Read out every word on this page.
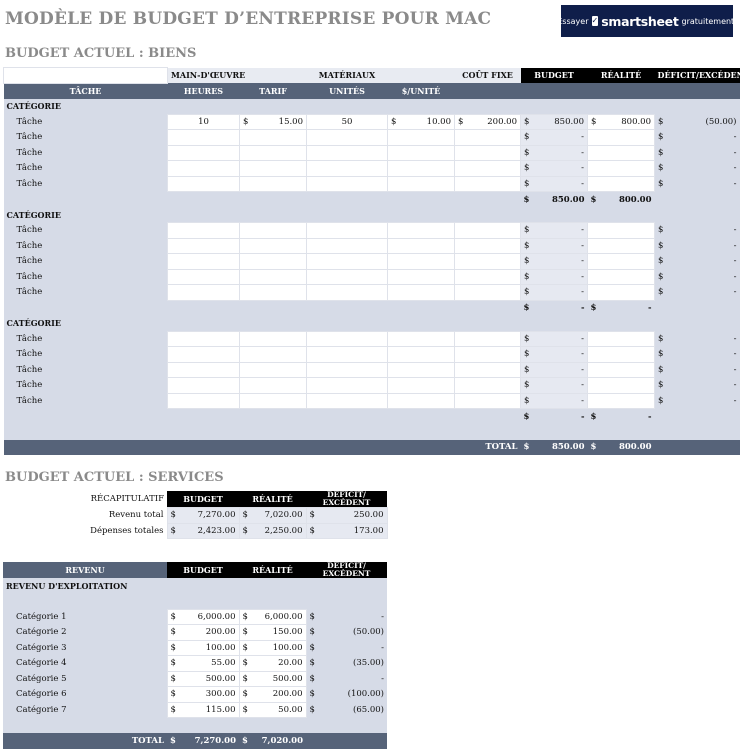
MODÈLE DE BUDGET D’ENTREPRISE POUR MAC	Essayer ✓ smartsheet gratuitement.
BUDGET ACTUEL : BIENS
	MAIN-D'ŒUVRE		MATÉRIAUX		COÛT FIXE	BUDGET	RÉALITÉ	DÉFICIT/EXCÉDENT
TÂCHE	HEURES	TARIF	UNITÉS	$/UNITÉ				
CATÉGORIE								
Tâche	10	$ 15.00	50	$ 10.00	$ 200.00	$ 850.00	$ 800.00	$ (50.00)

Tâche						$ -		$ -

Tâche						$ -		$ -

Tâche						$ -		$ -

Tâche						$ -		$ -

						$ 850.00	$ 800.00	

CATÉGORIE								
Tâche						$ -		$ -

Tâche						$ -		$ -

Tâche						$ -		$ -

Tâche						$ -		$ -

Tâche						$ -		$ -

						$ -	$ -	

CATÉGORIE								
Tâche						$ -		$ -

Tâche						$ -		$ -

Tâche						$ -		$ -

Tâche						$ -		$ -

Tâche						$ -		$ -

						$ -	$ -	

					TOTAL	$ 850.00	$ 800.00	

BUDGET ACTUEL : SERVICES
RÉCAPITULATIF	BUDGET	RÉALITÉ	DÉFICIT/ EXCÉDENT

Revenu total	$ 7,270.00	$ 7,020.00	$ 250.00

Dépenses totales	$ 2,423.00	$ 2,250.00	$ 173.00
REVENU	BUDGET	RÉALITÉ	DÉFICIT/ EXCÉDENT

REVENU D'EXPLOITATION			

Catégorie 1	$ 6,000.00	$ 6,000.00	$ -

Catégorie 2	$ 200.00	$ 150.00	$ (50.00)

Catégorie 3	$ 100.00	$ 100.00	$ -

Catégorie 4	$ 55.00	$ 20.00	$ (35.00)

Catégorie 5	$ 500.00	$ 500.00	$ -

Catégorie 6	$ 300.00	$ 200.00	$ (100.00)

Catégorie 7	$ 115.00	$ 50.00	$ (65.00)

TOTAL	$ 7,270.00	$ 7,020.00	
